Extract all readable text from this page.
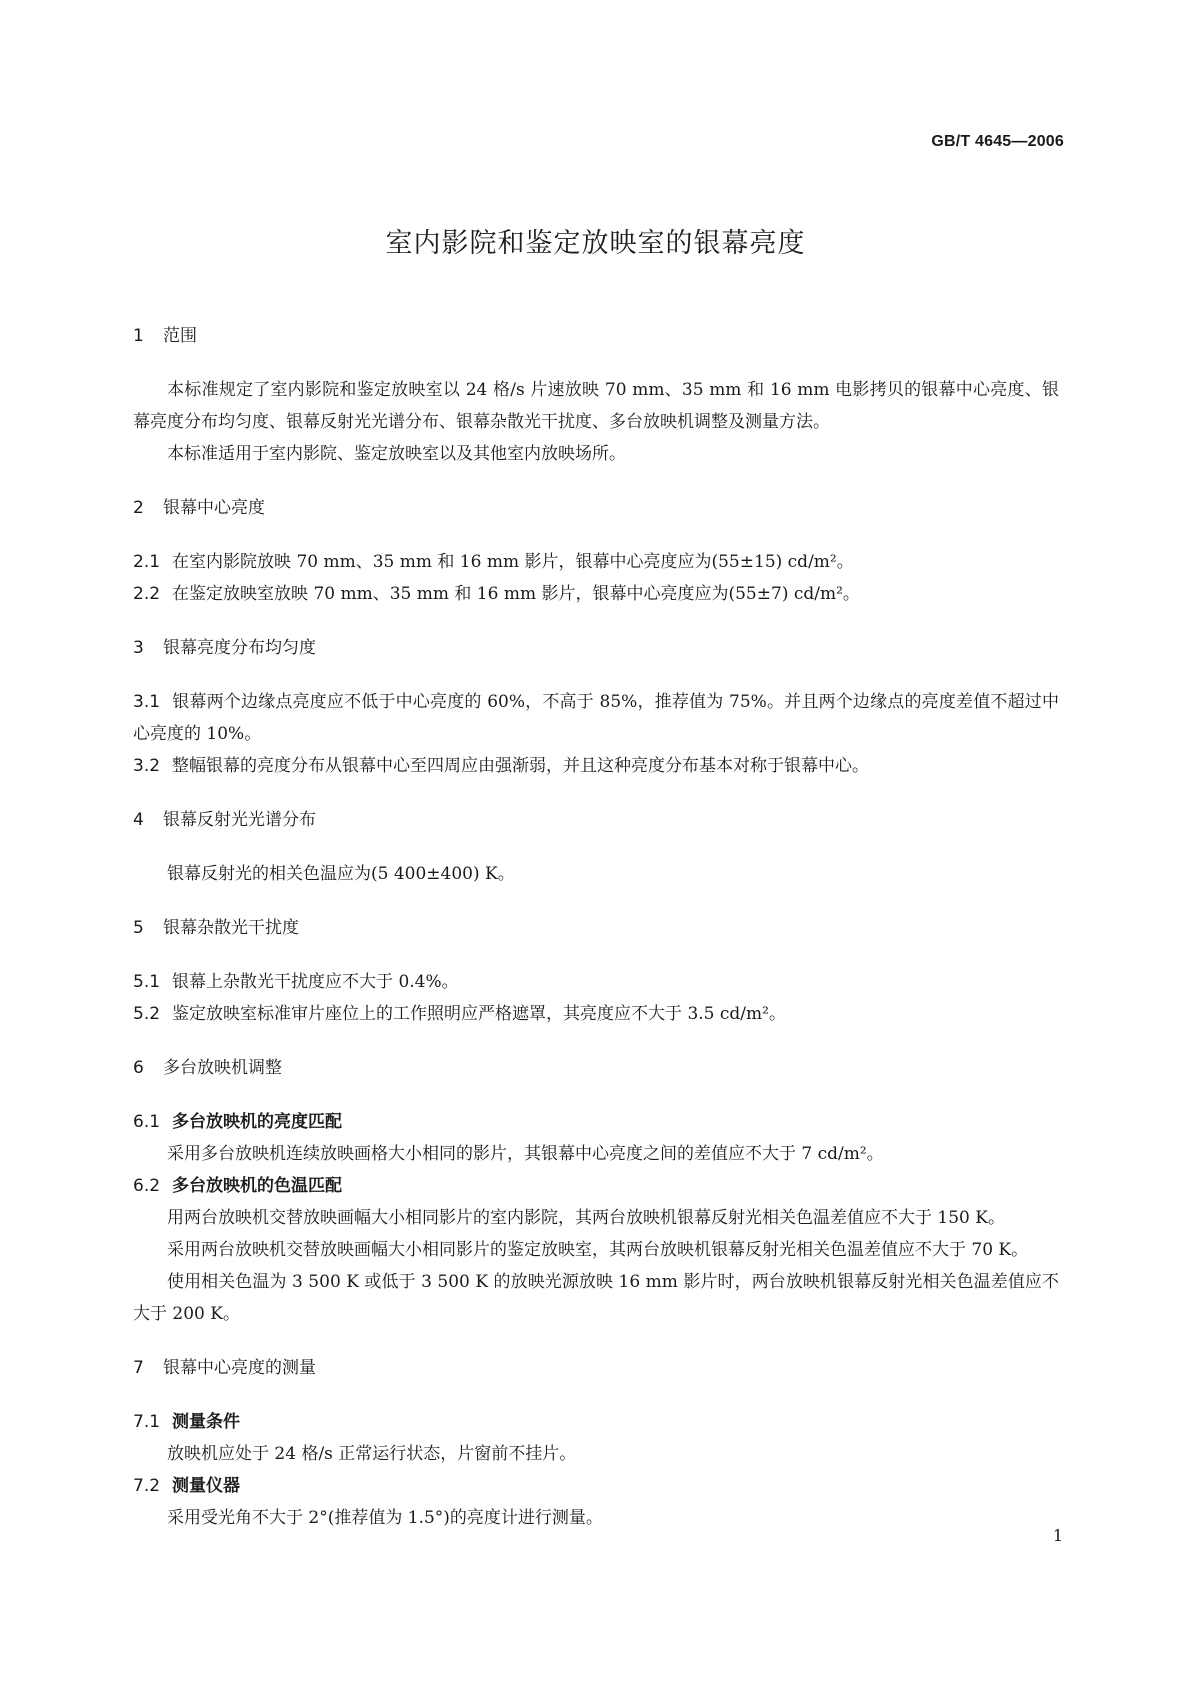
GB/T 4645—2006
室内影院和鉴定放映室的银幕亮度
1 范围

本标准规定了室内影院和鉴定放映室以 24 格/s 片速放映 70 mm、35 mm 和 16 mm 电影拷贝的银幕中心亮度、银幕亮度分布均匀度、银幕反射光光谱分布、银幕杂散光干扰度、多台放映机调整及测量方法。

本标准适用于室内影院、鉴定放映室以及其他室内放映场所。

2 银幕中心亮度

2.1 在室内影院放映 70 mm、35 mm 和 16 mm 影片，银幕中心亮度应为(55±15) cd/m²。

2.2 在鉴定放映室放映 70 mm、35 mm 和 16 mm 影片，银幕中心亮度应为(55±7) cd/m²。

3 银幕亮度分布均匀度

3.1 银幕两个边缘点亮度应不低于中心亮度的 60%，不高于 85%，推荐值为 75%。并且两个边缘点的亮度差值不超过中心亮度的 10%。

3.2 整幅银幕的亮度分布从银幕中心至四周应由强渐弱，并且这种亮度分布基本对称于银幕中心。

4 银幕反射光光谱分布

银幕反射光的相关色温应为(5 400±400) K。

5 银幕杂散光干扰度

5.1 银幕上杂散光干扰度应不大于 0.4%。

5.2 鉴定放映室标准审片座位上的工作照明应严格遮罩，其亮度应不大于 3.5 cd/m²。

6 多台放映机调整

6.1 多台放映机的亮度匹配

采用多台放映机连续放映画格大小相同的影片，其银幕中心亮度之间的差值应不大于 7 cd/m²。

6.2 多台放映机的色温匹配

用两台放映机交替放映画幅大小相同影片的室内影院，其两台放映机银幕反射光相关色温差值应不大于 150 K。

采用两台放映机交替放映画幅大小相同影片的鉴定放映室，其两台放映机银幕反射光相关色温差值应不大于 70 K。

使用相关色温为 3 500 K 或低于 3 500 K 的放映光源放映 16 mm 影片时，两台放映机银幕反射光相关色温差值应不大于 200 K。

7 银幕中心亮度的测量

7.1 测量条件

放映机应处于 24 格/s 正常运行状态，片窗前不挂片。

7.2 测量仪器

采用受光角不大于 2°(推荐值为 1.5°)的亮度计进行测量。

1
